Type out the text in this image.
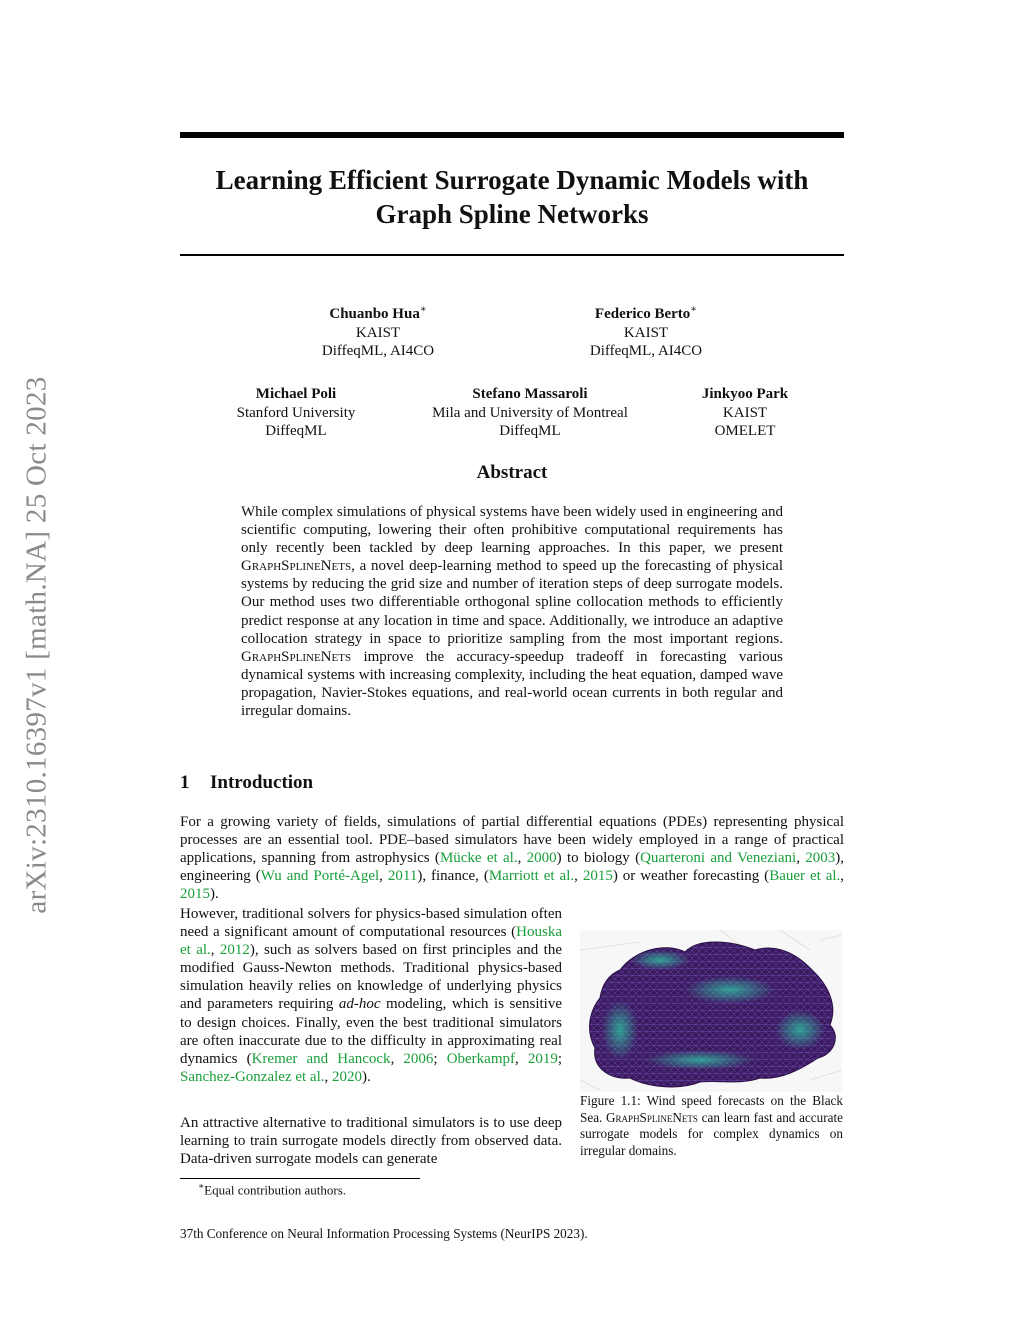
arXiv:2310.16397v1 [math.NA] 25 Oct 2023
Learning Efficient Surrogate Dynamic Models with
Graph Spline Networks
Chuanbo Hua∗
KAIST
DiffeqML, AI4CO
Federico Berto∗
KAIST
DiffeqML, AI4CO
Michael Poli
Stanford University
DiffeqML
Stefano Massaroli
Mila and University of Montreal
DiffeqML
Jinkyoo Park
KAIST
OMELET
Abstract
While complex simulations of physical systems have been widely used in engineering and scientific computing, lowering their often prohibitive computational requirements has only recently been tackled by deep learning approaches. In this paper, we present GraphSplineNets, a novel deep-learning method to speed up the forecasting of physical systems by reducing the grid size and number of iteration steps of deep surrogate models. Our method uses two differentiable orthogonal spline collocation methods to efficiently predict response at any location in time and space. Additionally, we introduce an adaptive collocation strategy in space to prioritize sampling from the most important regions. GraphSplineNets improve the accuracy-speedup tradeoff in forecasting various dynamical systems with increasing complexity, including the heat equation, damped wave propagation, Navier-Stokes equations, and real-world ocean currents in both regular and irregular domains.
1 Introduction
For a growing variety of fields, simulations of partial differential equations (PDEs) representing physical processes are an essential tool. PDE–based simulators have been widely employed in a range of practical applications, spanning from astrophysics (Mücke et al., 2000) to biology (Quarteroni and Veneziani, 2003), engineering (Wu and Porté-Agel, 2011), finance, (Marriott et al., 2015) or weather forecasting (Bauer et al., 2015).
However, traditional solvers for physics-based simulation often need a significant amount of computational resources (Houska et al., 2012), such as solvers based on first principles and the modified Gauss-Newton methods. Traditional physics-based simulation heavily relies on knowledge of underlying physics and parameters requiring ad-hoc modeling, which is sensitive to design choices. Finally, even the best traditional simulators are often inaccurate due to the difficulty in approximating real dynamics (Kremer and Hancock, 2006; Oberkampf, 2019; Sanchez-Gonzalez et al., 2020).
An attractive alternative to traditional simulators is to use deep learning to train surrogate models directly from observed data. Data-driven surrogate models can generate
Figure 1.1: Wind speed forecasts on the Black Sea. GraphSplineNets can learn fast and accurate surrogate models for complex dynamics on irregular domains.
∗Equal contribution authors.
37th Conference on Neural Information Processing Systems (NeurIPS 2023).
